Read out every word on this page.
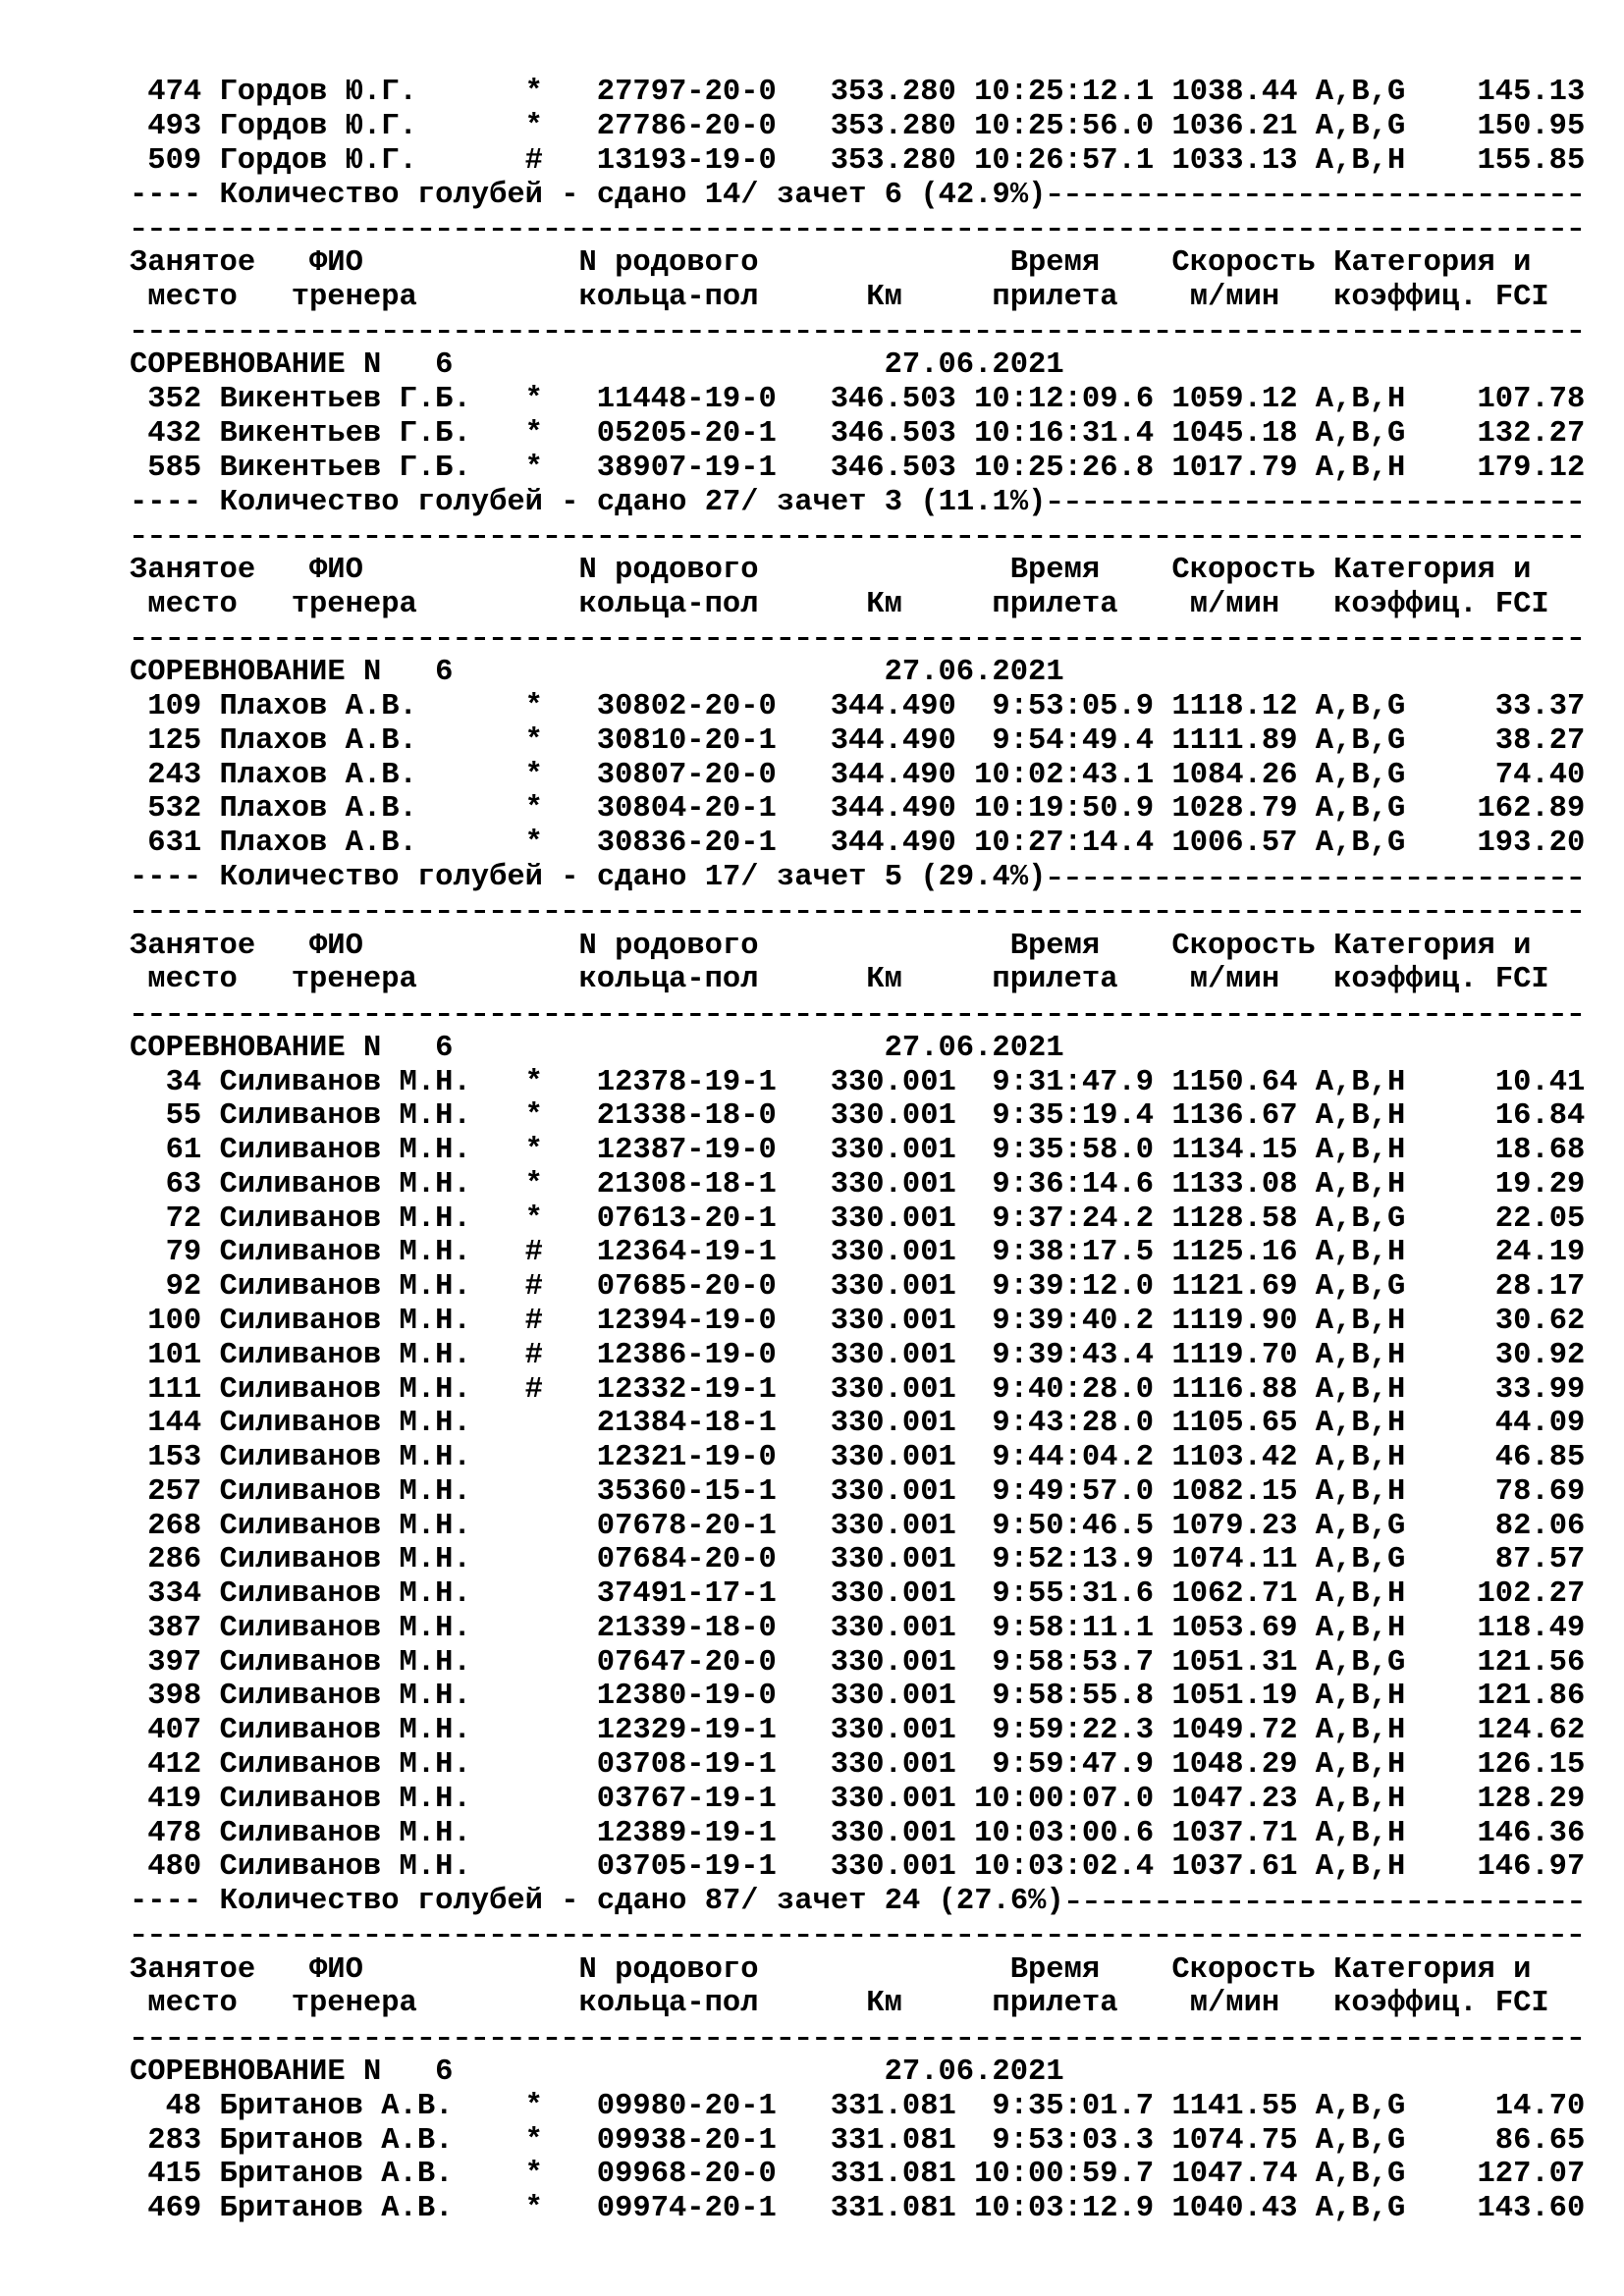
474 Гордов Ю.Г.	* 27797-20-0 353.280 10:25:12.1 1038.44 A,B,G 145.13
493 Гордов Ю.Г.	* 27786-20-0 353.280 10:25:56.0 1036.21 A,B,G 150.95
509 Гордов Ю.Г.	# 13193-19-0 353.280 10:26:57.1 1033.13 A,B,H 155.85
---- Количество голубей - сдано 14/ зачет 6 (42.9%)
Занятое ФИО	N родового	Время Скорость Категория и
место тренера	кольца-пол	Км	прилета м/мин коэффиц. FCI
СОРЕВНОВАНИЕ N 6	27.06.2021
352 Викентьев Г.Б. * 11448-19-0 346.503 10:12:09.6 1059.12 A,B,H 107.78
432 Викентьев Г.Б. * 05205-20-1 346.503 10:16:31.4 1045.18 A,B,G 132.27
585 Викентьев Г.Б. * 38907-19-1 346.503 10:25:26.8 1017.79 A,B,H 179.12
---- Количество голубей - сдано 27/ зачет 3 (11.1%)
Занятое ФИО	N родового	Время Скорость Категория и
место тренера	кольца-пол	Км	прилета м/мин коэффиц. FCI
СОРЕВНОВАНИЕ N 6	27.06.2021
109 Плахов А.В.	* 30802-20-0 344.490	9:53:05.9 1118.12 A,B,G	33.37
125 Плахов А.В.	* 30810-20-1 344.490	9:54:49.4 1111.89 A,B,G	38.27
243 Плахов А.В.	* 30807-20-0 344.490 10:02:43.1 1084.26 A,B,G	74.40
532 Плахов А.В.	* 30804-20-1 344.490 10:19:50.9 1028.79 A,B,G 162.89
631 Плахов А.В.	* 30836-20-1 344.490 10:27:14.4 1006.57 A,B,G 193.20
---- Количество голубей - сдано 17/ зачет 5 (29.4%)
Занятое ФИО	N родового	Время Скорость Категория и
место тренера	кольца-пол	Км	прилета м/мин коэффиц. FCI
СОРЕВНОВАНИЕ N 6	27.06.2021
34 Силиванов М.Н. * 12378-19-1 330.001	9:31:47.9 1150.64 A,B,H	10.41
55 Силиванов М.Н. * 21338-18-0 330.001	9:35:19.4 1136.67 A,B,H	16.84
61 Силиванов М.Н. * 12387-19-0 330.001	9:35:58.0 1134.15 A,B,H	18.68
63 Силиванов М.Н. * 21308-18-1 330.001	9:36:14.6 1133.08 A,B,H	19.29
72 Силиванов М.Н. * 07613-20-1 330.001	9:37:24.2 1128.58 A,B,G	22.05
79 Силиванов М.Н. # 12364-19-1 330.001	9:38:17.5 1125.16 A,B,H	24.19
92 Силиванов М.Н. # 07685-20-0 330.001	9:39:12.0 1121.69 A,B,G	28.17
100 Силиванов М.Н. # 12394-19-0 330.001	9:39:40.2 1119.90 A,B,H	30.62
101 Силиванов М.Н. # 12386-19-0 330.001	9:39:43.4 1119.70 A,B,H	30.92
111 Силиванов М.Н. # 12332-19-1 330.001	9:40:28.0 1116.88 A,B,H	33.99
144 Силиванов М.Н.	21384-18-1 330.001	9:43:28.0 1105.65 A,B,H	44.09
153 Силиванов М.Н.	12321-19-0 330.001	9:44:04.2 1103.42 A,B,H	46.85
257 Силиванов М.Н.	35360-15-1 330.001	9:49:57.0 1082.15 A,B,H	78.69
268 Силиванов М.Н.	07678-20-1 330.001	9:50:46.5 1079.23 A,B,G	82.06
286 Силиванов М.Н.	07684-20-0 330.001	9:52:13.9 1074.11 A,B,G	87.57
334 Силиванов М.Н.	37491-17-1 330.001	9:55:31.6 1062.71 A,B,H 102.27
387 Силиванов М.Н.	21339-18-0 330.001	9:58:11.1 1053.69 A,B,H 118.49
397 Силиванов М.Н.	07647-20-0 330.001	9:58:53.7 1051.31 A,B,G 121.56
398 Силиванов М.Н.	12380-19-0 330.001	9:58:55.8 1051.19 A,B,H 121.86
407 Силиванов М.Н.	12329-19-1 330.001	9:59:22.3 1049.72 A,B,H 124.62
412 Силиванов М.Н.	03708-19-1 330.001	9:59:47.9 1048.29 A,B,H 126.15
419 Силиванов М.Н.	03767-19-1 330.001 10:00:07.0 1047.23 A,B,H 128.29
478 Силиванов М.Н.	12389-19-1 330.001 10:03:00.6 1037.71 A,B,H 146.36
480 Силиванов М.Н.	03705-19-1 330.001 10:03:02.4 1037.61 A,B,H 146.97
---- Количество голубей - сдано 87/ зачет 24 (27.6%)
Занятое ФИО	N родового	Время Скорость Категория и
место тренера	кольца-пол	Км	прилета м/мин коэффиц. FCI
СОРЕВНОВАНИЕ N 6	27.06.2021
48 Британов А.В. * 09980-20-1 331.081	9:35:01.7 1141.55 A,B,G	14.70
283 Британов А.В. * 09938-20-1 331.081	9:53:03.3 1074.75 A,B,G	86.65
415 Британов А.В. * 09968-20-0 331.081 10:00:59.7 1047.74 A,B,G 127.07
469 Британов А.В. * 09974-20-1 331.081 10:03:12.9 1040.43 A,B,G 143.60
